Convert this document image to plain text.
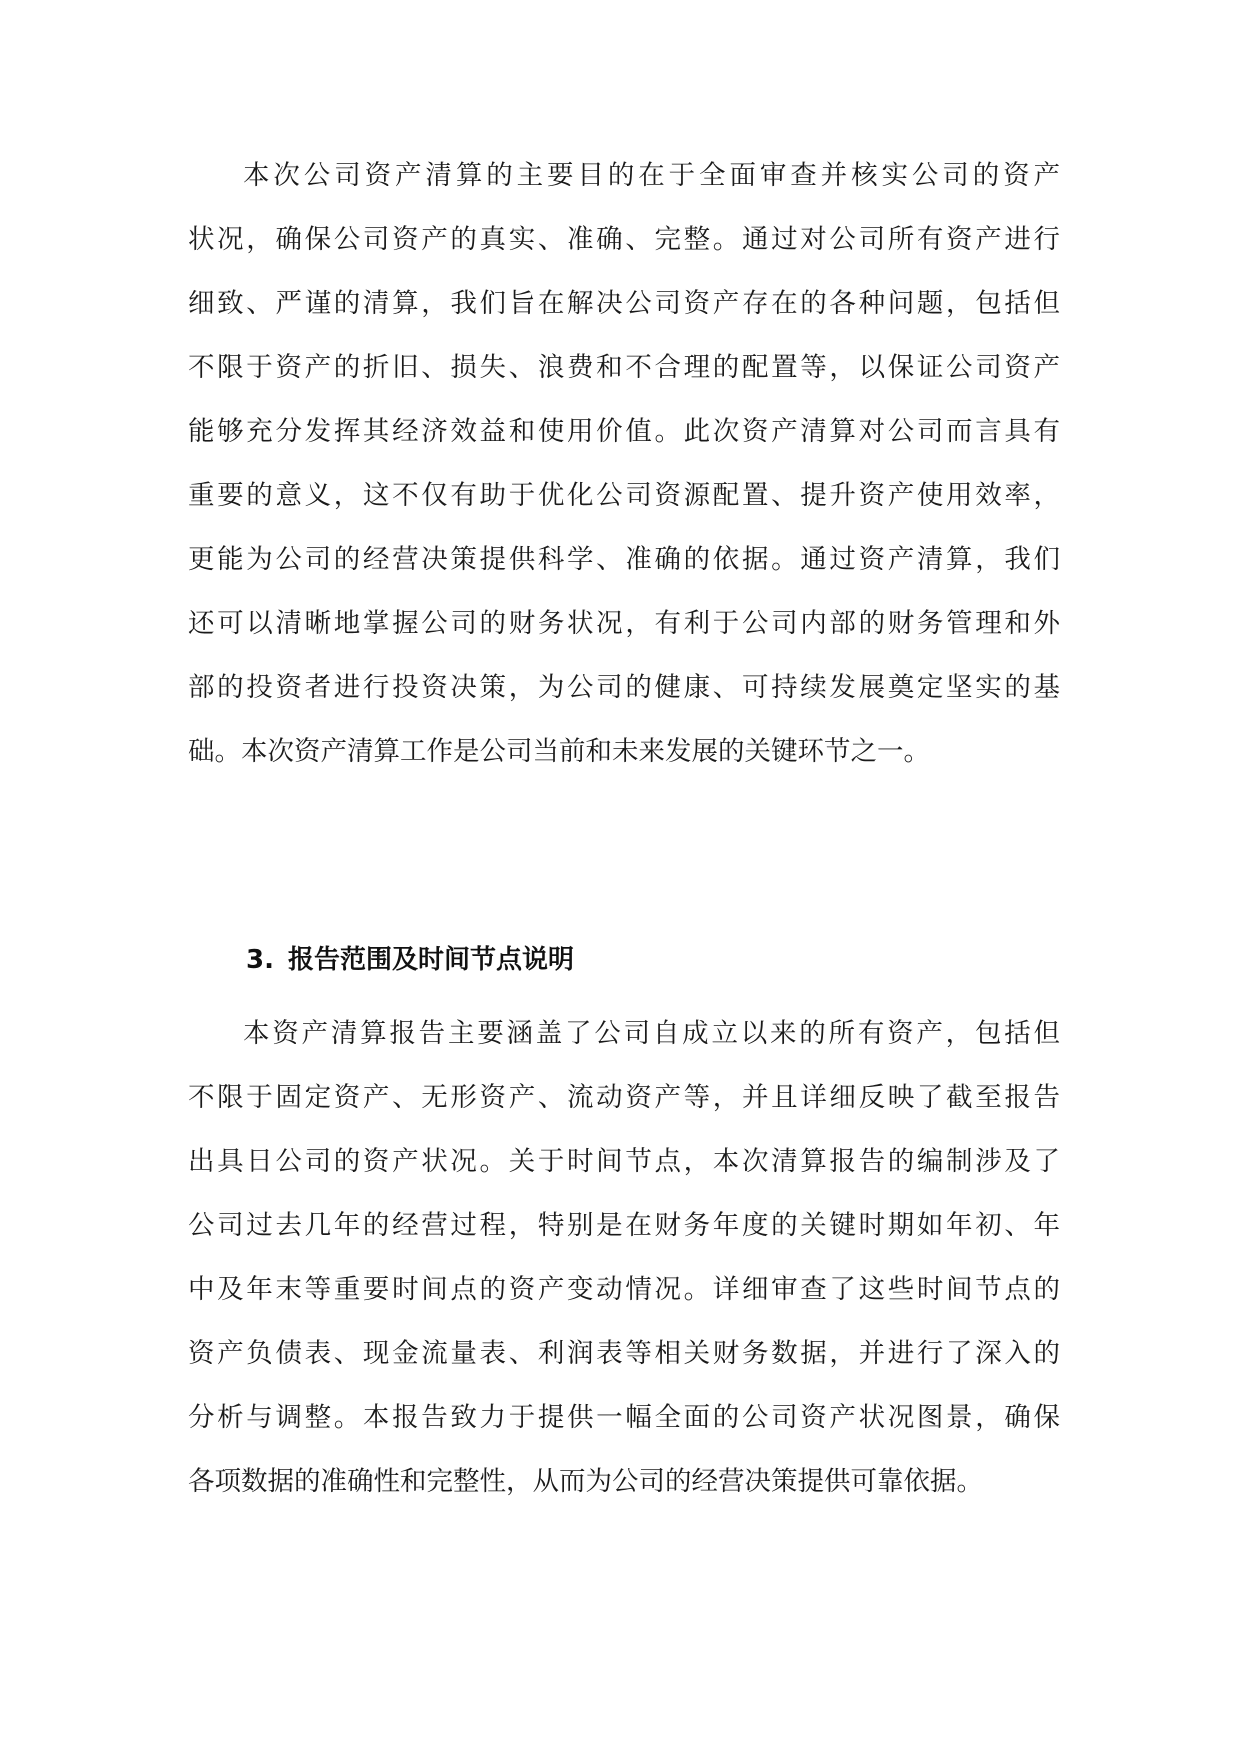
本次公司资产清算的主要目的在于全面审查并核实公司的资产
状况，确保公司资产的真实、准确、完整。通过对公司所有资产进行
细致、严谨的清算，我们旨在解决公司资产存在的各种问题，包括但
不限于资产的折旧、损失、浪费和不合理的配置等，以保证公司资产
能够充分发挥其经济效益和使用价值。此次资产清算对公司而言具有
重要的意义，这不仅有助于优化公司资源配置、提升资产使用效率，
更能为公司的经营决策提供科学、准确的依据。通过资产清算，我们
还可以清晰地掌握公司的财务状况，有利于公司内部的财务管理和外
部的投资者进行投资决策，为公司的健康、可持续发展奠定坚实的基
础。本次资产清算工作是公司当前和未来发展的关键环节之一。
3. 报告范围及时间节点说明
本资产清算报告主要涵盖了公司自成立以来的所有资产，包括但
不限于固定资产、无形资产、流动资产等，并且详细反映了截至报告
出具日公司的资产状况。关于时间节点，本次清算报告的编制涉及了
公司过去几年的经营过程，特别是在财务年度的关键时期如年初、年
中及年末等重要时间点的资产变动情况。详细审查了这些时间节点的
资产负债表、现金流量表、利润表等相关财务数据，并进行了深入的
分析与调整。本报告致力于提供一幅全面的公司资产状况图景，确保
各项数据的准确性和完整性，从而为公司的经营决策提供可靠依据。
